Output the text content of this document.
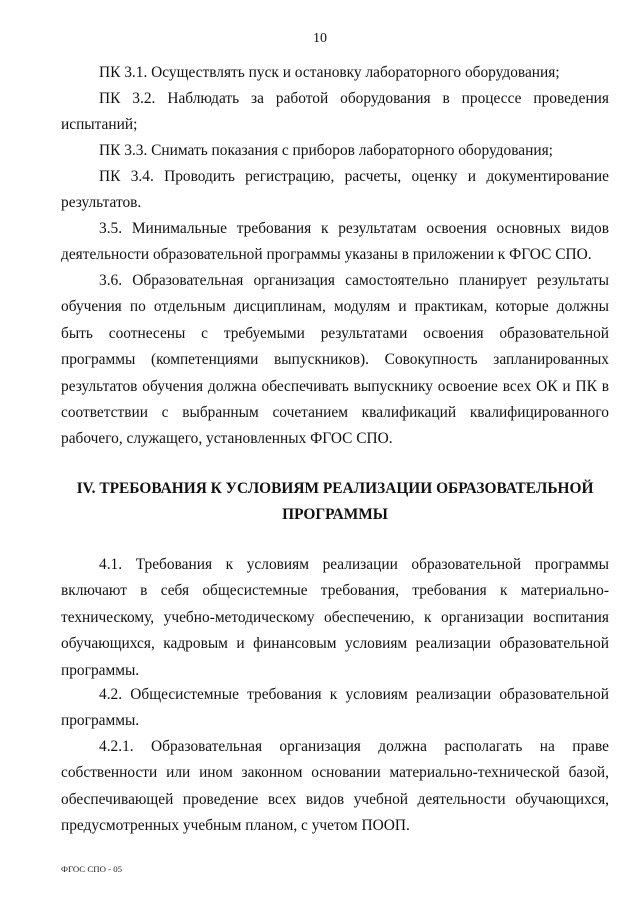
10

ПК 3.1. Осуществлять пуск и остановку лабораторного оборудования;

ПК 3.2. Наблюдать за работой оборудования в процессе проведения испытаний;

ПК 3.3. Снимать показания с приборов лабораторного оборудования;

ПК 3.4. Проводить регистрацию, расчеты, оценку и документирование результатов.

3.5. Минимальные требования к результатам освоения основных видов деятельности образовательной программы указаны в приложении к ФГОС СПО.

3.6. Образовательная организация самостоятельно планирует результаты обучения по отдельным дисциплинам, модулям и практикам, которые должны быть соотнесены с требуемыми результатами освоения образовательной программы (компетенциями выпускников). Совокупность запланированных результатов обучения должна обеспечивать выпускнику освоение всех ОК и ПК в соответствии с выбранным сочетанием квалификаций квалифицированного рабочего, служащего, установленных ФГОС СПО.

IV. ТРЕБОВАНИЯ К УСЛОВИЯМ РЕАЛИЗАЦИИ ОБРАЗОВАТЕЛЬНОЙ ПРОГРАММЫ

4.1. Требования к условиям реализации образовательной программы включают в себя общесистемные требования, требования к материально-техническому, учебно-методическому обеспечению, к организации воспитания обучающихся, кадровым и финансовым условиям реализации образовательной программы.

4.2. Общесистемные требования к условиям реализации образовательной программы.

4.2.1. Образовательная организация должна располагать на праве собственности или ином законном основании материально-технической базой, обеспечивающей проведение всех видов учебной деятельности обучающихся, предусмотренных учебным планом, с учетом ПООП.

ФГОС СПО - 05
